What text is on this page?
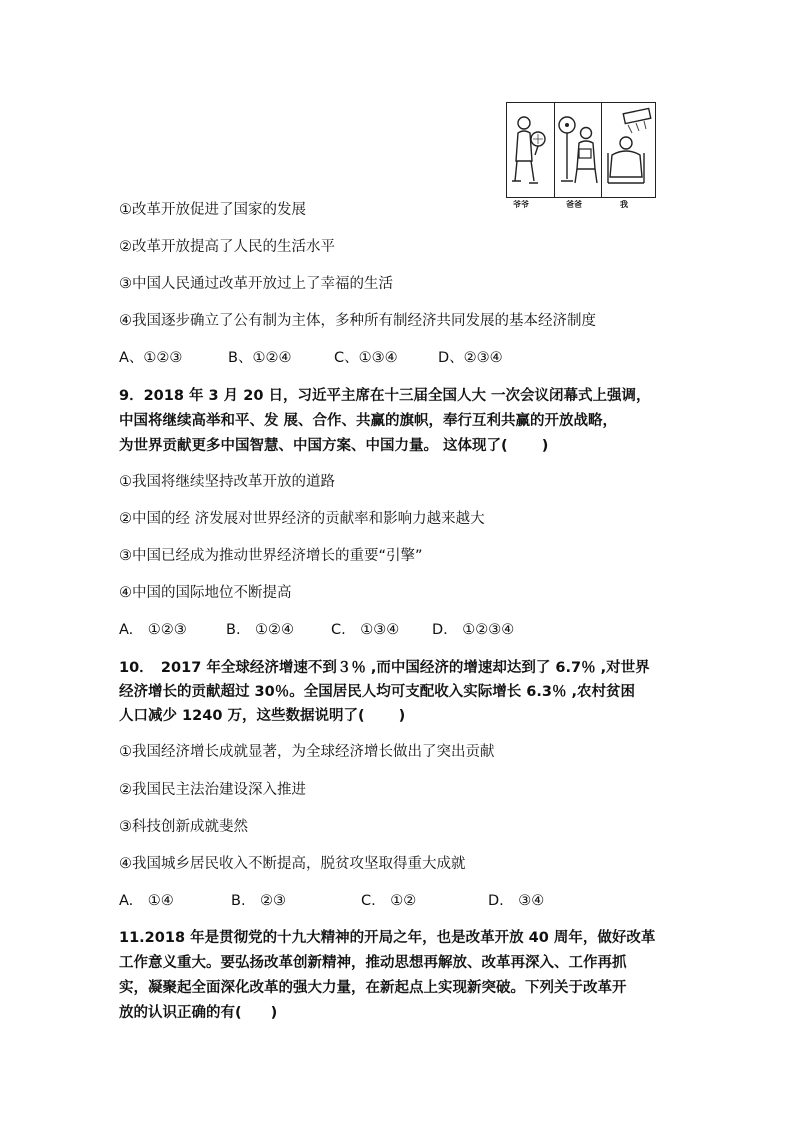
爷爷	爸爸	我
①改革开放促进了国家的发展
②改革开放提高了人民的生活水平
③中国人民通过改革开放过上了幸福的生活
④我国逐步确立了公有制为主体，多种所有制经济共同发展的基本经济制度
A、①②③	B、①②④	C、①③④	D、②③④
9．2018 年 3 月 20 日，习近平主席在十三届全国人大 一次会议闭幕式上强调，
中国将继续高举和平、发 展、合作、共赢的旗帜，奉行互利共赢的开放战略，
为世界贡献更多中国智慧、中国方案、中国力量。 这体现了(　　 )
①我国将继续坚持改革开放的道路
②中国的经 济发展对世界经济的贡献率和影响力越来越大
③中国已经成为推动世界经济增长的重要“引擎”
④中国的国际地位不断提高
A.　①②③	B.　①②④	C.　①③④ D.　①②③④
10．　2017 年全球经济增速不到３％ ,而中国经济的增速却达到了 6.7％ ,对世界
经济增长的贡献超过 30％。全国居民人均可支配收入实际增长 6.3％ ,农村贫困
人口减少 1240 万，这些数据说明了(　　 )
①我国经济增长成就显著，为全球经济增长做出了突出贡献
②我国民主法治建设深入推进
③科技创新成就斐然
④我国城乡居民收入不断提高，脱贫攻坚取得重大成就
A.　①④	B.　②③	C.　①②	D.　③④
11.2018 年是贯彻党的十九大精神的开局之年，也是改革开放 40 周年，做好改革
工作意义重大。要弘扬改革创新精神，推动思想再解放、改革再深入、工作再抓
实，凝聚起全面深化改革的强大力量，在新起点上实现新突破。下列关于改革开
放的认识正确的有(　　)
